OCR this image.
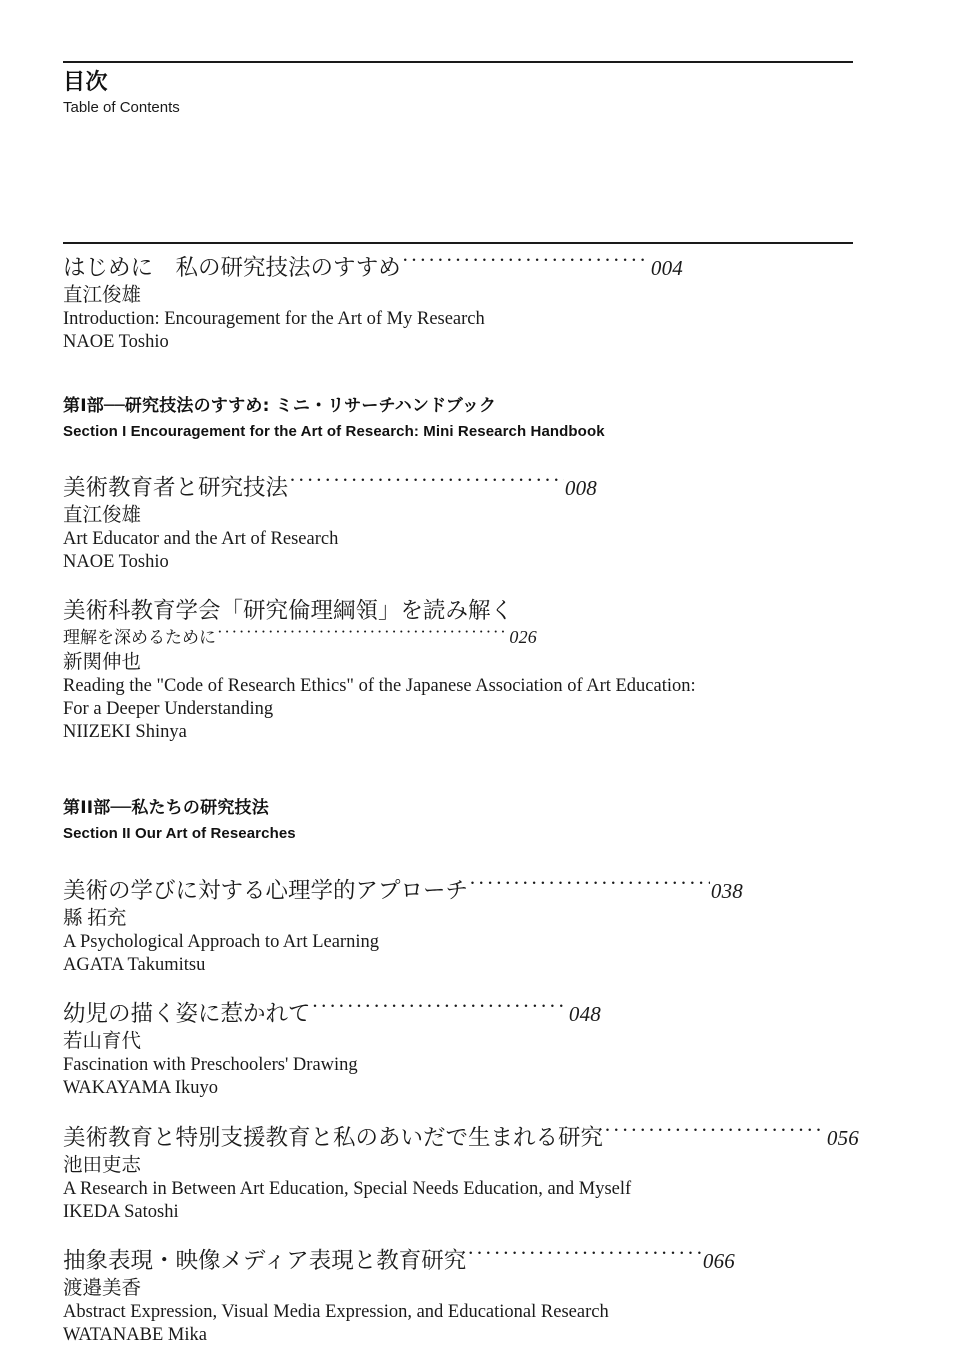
目次
Table of Contents
はじめに　私の研究技法のすすめ ·····	004
直江俊雄
Introduction: Encouragement for the Art of My Research
NAOE Toshio
第I部──研究技法のすすめ: ミニ・リサーチハンドブック
Section I Encouragement for the Art of Research: Mini Research Handbook
美術教育者と研究技法 ·····	008
直江俊雄
Art Educator and the Art of Research
NAOE Toshio
美術科教育学会「研究倫理綱領」を読み解く
理解を深めるために ·····	026
新関伸也
Reading the "Code of Research Ethics" of the Japanese Association of Art Education:
For a Deeper Understanding
NIIZEKI Shinya
第II部──私たちの研究技法
Section II Our Art of Researches
美術の学びに対する心理学的アプローチ ·····	038
縣 拓充
A Psychological Approach to Art Learning
AGATA Takumitsu
幼児の描く姿に惹かれて ·····	048
若山育代
Fascination with Preschoolers' Drawing
WAKAYAMA Ikuyo
美術教育と特別支援教育と私のあいだで生まれる研究 ·····	056
池田吏志
A Research in Between Art Education, Special Needs Education, and Myself
IKEDA Satoshi
抽象表現・映像メディア表現と教育研究 ·····	066
渡邉美香
Abstract Expression, Visual Media Expression, and Educational Research
WATANABE Mika
